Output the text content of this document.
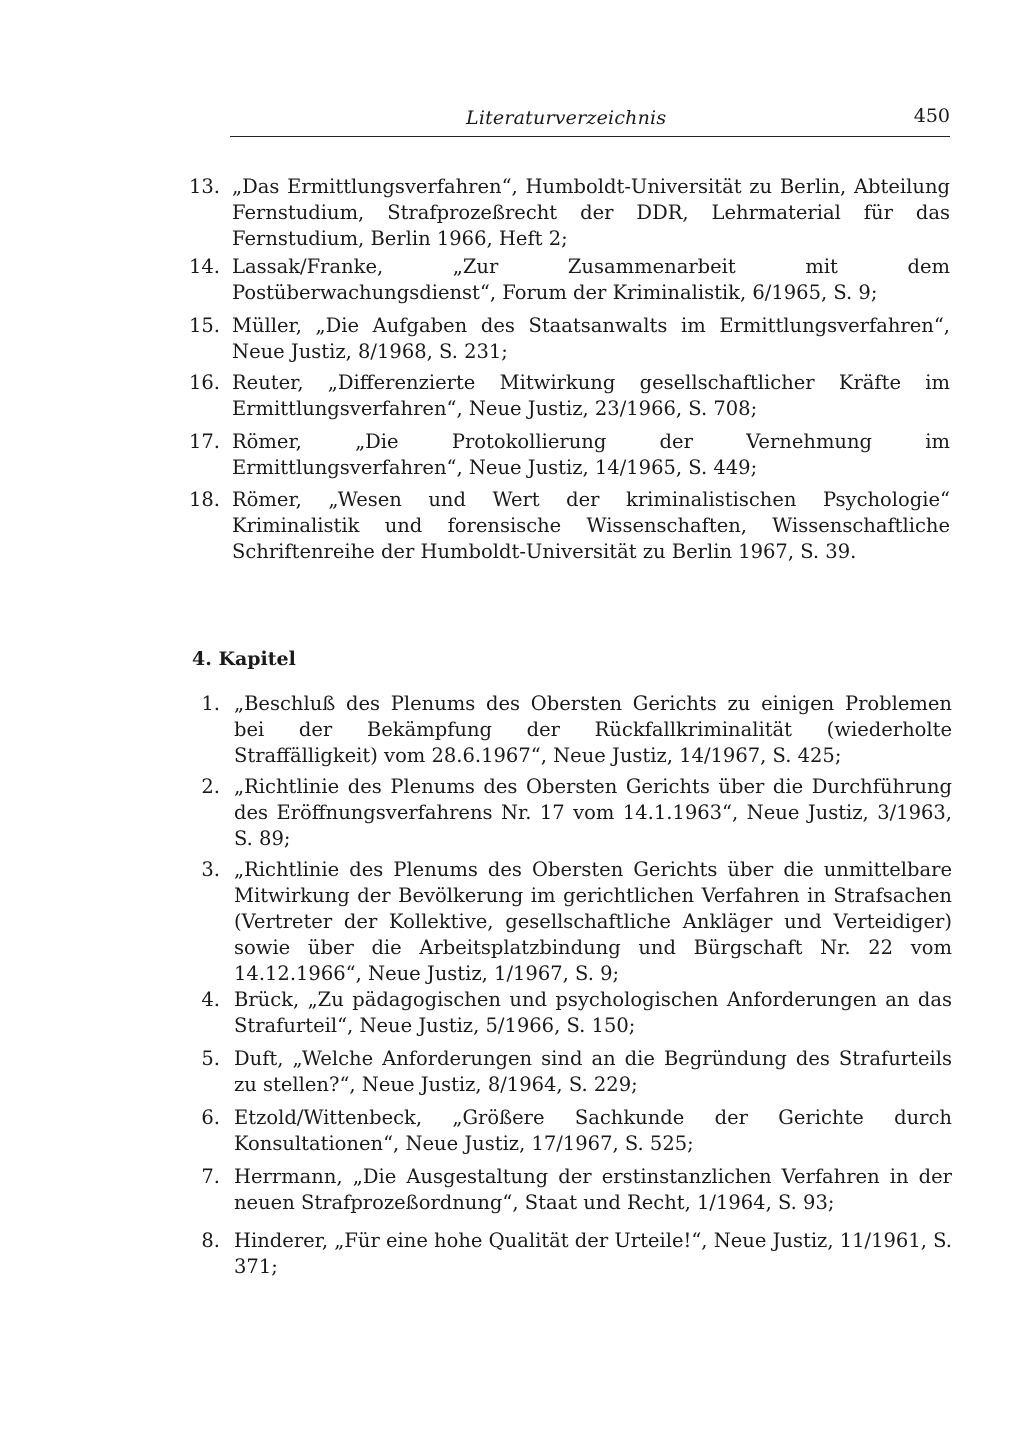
Literaturverzeichnis	450
13. „Das Ermittlungsverfahren“, Humboldt-Universität zu Berlin, Abteilung Fernstudium, Strafprozeßrecht der DDR, Lehrmaterial für das Fernstudium, Berlin 1966, Heft 2;
14. Lassak/Franke, „Zur Zusammenarbeit mit dem Postüberwachungsdienst“, Forum der Kriminalistik, 6/1965, S. 9;
15. Müller, „Die Aufgaben des Staatsanwalts im Ermittlungsverfahren“, Neue Justiz, 8/1968, S. 231;
16. Reuter, „Differenzierte Mitwirkung gesellschaftlicher Kräfte im Ermittlungsverfahren“, Neue Justiz, 23/1966, S. 708;
17. Römer, „Die Protokollierung der Vernehmung im Ermittlungsverfahren“, Neue Justiz, 14/1965, S. 449;
18. Römer, „Wesen und Wert der kriminalistischen Psychologie“ Kriminalistik und forensische Wissenschaften, Wissenschaftliche Schriftenreihe der Humboldt-Universität zu Berlin 1967, S. 39.
4. Kapitel
1. „Beschluß des Plenums des Obersten Gerichts zu einigen Problemen bei der Bekämpfung der Rückfallkriminalität (wiederholte Straffälligkeit) vom 28.6.1967“, Neue Justiz, 14/1967, S. 425;
2. „Richtlinie des Plenums des Obersten Gerichts über die Durchführung des Eröffnungsverfahrens Nr. 17 vom 14.1.1963“, Neue Justiz, 3/1963, S. 89;
3. „Richtlinie des Plenums des Obersten Gerichts über die unmittelbare Mitwirkung der Bevölkerung im gerichtlichen Verfahren in Strafsachen (Vertreter der Kollektive, gesellschaftliche Ankläger und Verteidiger) sowie über die Arbeitsplatzbindung und Bürgschaft Nr. 22 vom 14.12.1966“, Neue Justiz, 1/1967, S. 9;
4. Brück, „Zu pädagogischen und psychologischen Anforderungen an das Strafurteil“, Neue Justiz, 5/1966, S. 150;
5. Duft, „Welche Anforderungen sind an die Begründung des Strafurteils zu stellen?“, Neue Justiz, 8/1964, S. 229;
6. Etzold/Wittenbeck, „Größere Sachkunde der Gerichte durch Konsultationen“, Neue Justiz, 17/1967, S. 525;
7. Herrmann, „Die Ausgestaltung der erstinstanzlichen Verfahren in der neuen Strafprozeßordnung“, Staat und Recht, 1/1964, S. 93;
8. Hinderer, „Für eine hohe Qualität der Urteile!“, Neue Justiz, 11/1961, S. 371;
